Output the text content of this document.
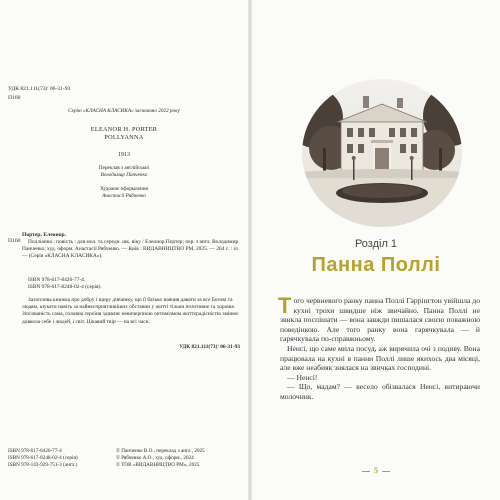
УДК 821.111(73)' 06-31-93
П160
Серію «КЛАСНА КЛАСИКА» засновано 2022 року
ELEANOR H. PORTER
POLLYANNA
1913
Переклав з англійської
Володимир Панченко
Художнє оформлення
Анастасії Рябченко
П160
Портер, Елеонор.
Полліанна : повість : для мол. та середн. шк. віку / Елеонор Портер; пер. з англ. Володимир Панченко; худ. оформ. Анастасії Рябченко. — Київ : ВИДАВНИЦТВО РМ, 2025. — 264 с. : іл. — (Серія «КЛАСНА КЛАСИКА»).
ISBN 978-617-8426-77-4.
ISBN 978-617-8248-02-4 (серія).
Захоплива книжка про добру і щиру дівчинку, що її батько навчив давати за все Богові та людям, шукати навіть за найнесприятливіших обставин у житті тільки позитивне та хороше. Зіпсованість сама, головна героїня здивляє невичерпною оптимізмом життєрадісністю змінює довкола себе і людей, і світ. Цікавий твір — на всі часи.
УДК 821.111(73)' 06-31-93
ISBN 978-617-8426-77-4
ISBN 978-617-8248-02-4 (серія)
ISBN 978-143-929-751-3 (англ.)
© Панченко В.О., переклад з англ., 2025
© Рябченко А.О., худ. оформ., 2024
© ТОВ «ВИДАВНИЦТВО РМ», 2025
Розділ 1
Панна Поллі

Того червневого ранку панна Поллі Гаррінгтон увійшла до кухні трохи швидше ніж звичайно. Панна Поллі не звикла поспішати — вона завжди пишалася своєю поважною поведінкою. Але того ранку вона гарячкувала — й гарячкувала по-справжньому.

Ненсі, що саме мила посуд, аж вирячила очі з подиву. Вона працювала на кухні в панни Поллі лише якихось два місяці, але вже неабияк знялася на звичках господині.

— Ненсі!

— Що, мадам? — весело обізвалася Ненсі, витираючи молочник.

5
